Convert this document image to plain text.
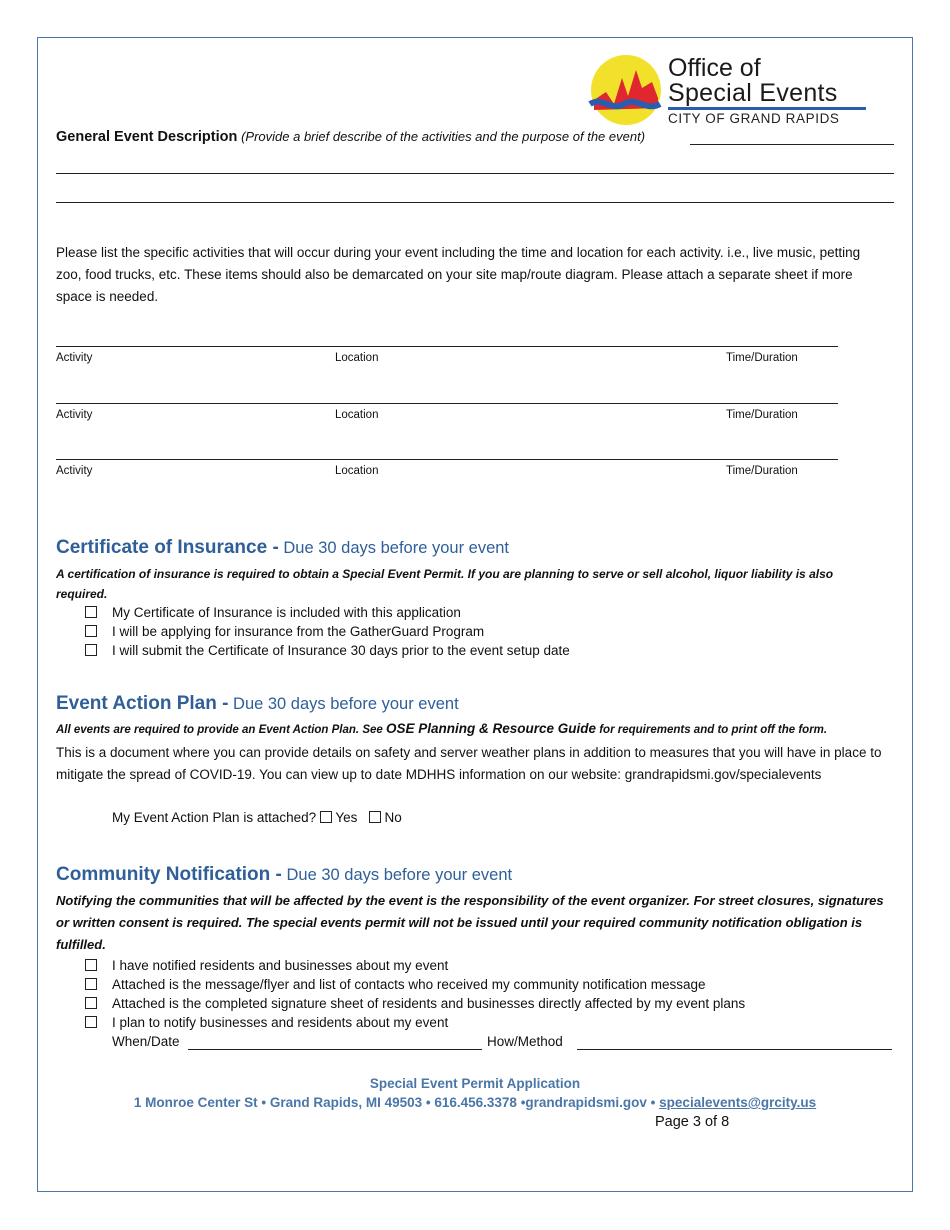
Office of
Special Events
CITY OF GRAND RAPIDS
General Event Description (Provide a brief describe of the activities and the purpose of the event)
Please list the specific activities that will occur during your event including the time and location for each activity. i.e., live music, petting zoo, food trucks, etc. These items should also be demarcated on your site map/route diagram. Please attach a separate sheet if more space is needed.
Activity	Location	Time/Duration
Activity	Location	Time/Duration
Activity	Location	Time/Duration
Certificate of Insurance - Due 30 days before your event
A certification of insurance is required to obtain a Special Event Permit. If you are planning to serve or sell alcohol, liquor liability is also required.
My Certificate of Insurance is included with this application
I will be applying for insurance from the GatherGuard Program
I will submit the Certificate of Insurance 30 days prior to the event setup date
Event Action Plan - Due 30 days before your event
All events are required to provide an Event Action Plan. See OSE Planning & Resource Guide for requirements and to print off the form.
This is a document where you can provide details on safety and server weather plans in addition to measures that you will have in place to mitigate the spread of COVID-19. You can view up to date MDHHS information on our website: grandrapidsmi.gov/specialevents
My Event Action Plan is attached? Yes No
Community Notification - Due 30 days before your event
Notifying the communities that will be affected by the event is the responsibility of the event organizer. For street closures, signatures or written consent is required. The special events permit will not be issued until your required community notification obligation is fulfilled.
I have notified residents and businesses about my event
Attached is the message/flyer and list of contacts who received my community notification message
Attached is the completed signature sheet of residents and businesses directly affected by my event plans
I plan to notify businesses and residents about my event
When/Date	How/Method
Special Event Permit Application
1 Monroe Center St • Grand Rapids, MI 49503 • 616.456.3378 •grandrapidsmi.gov • specialevents@grcity.us
Page 3 of 8
